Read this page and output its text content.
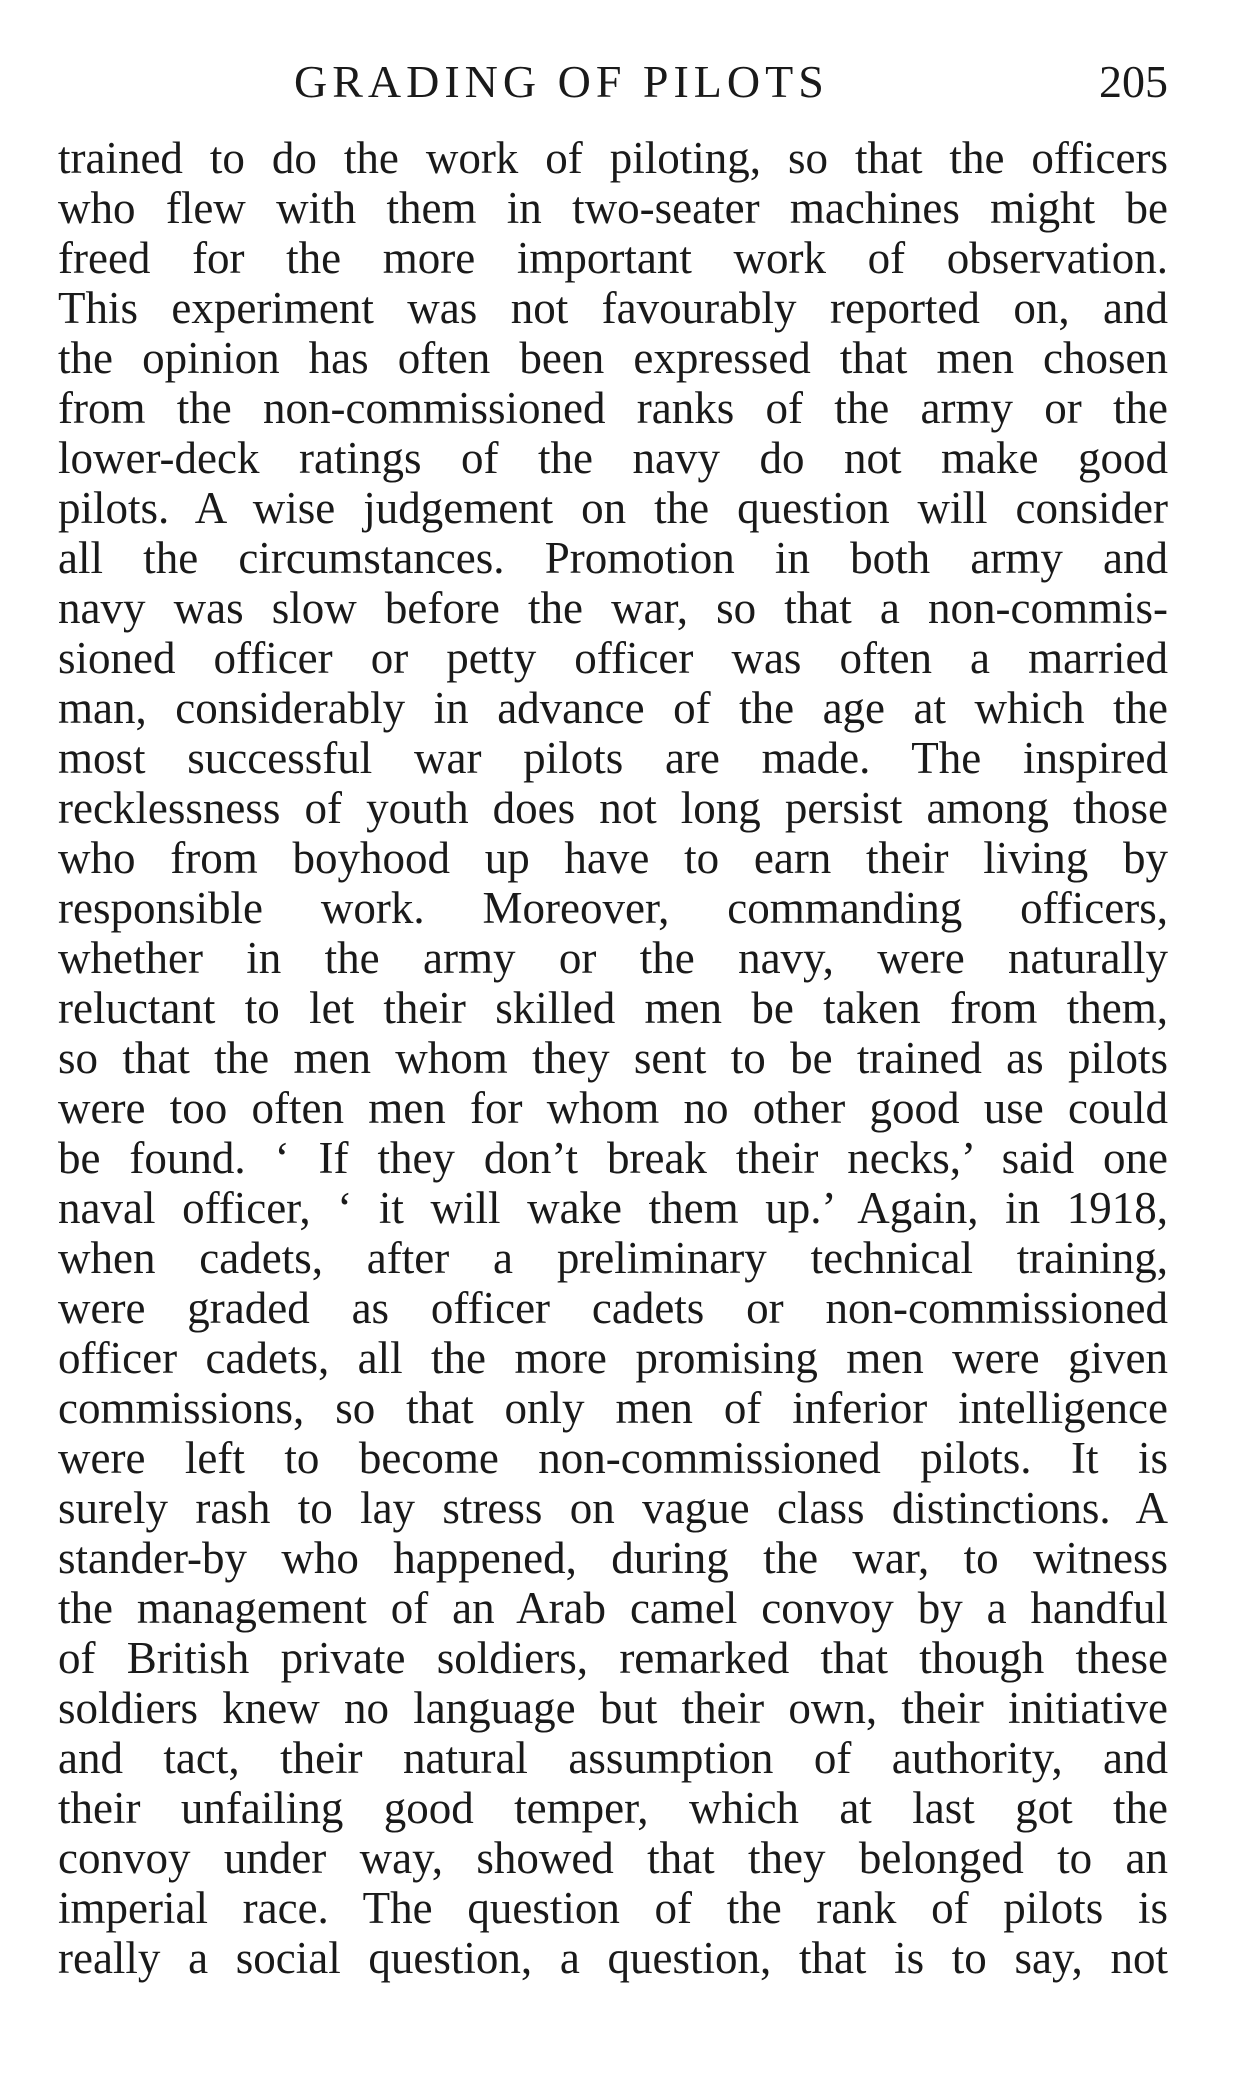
GRADING OF PILOTS	205
trained to do the work of piloting, so that the officers
who flew with them in two-seater machines might be
freed for the more important work of observation.
This experiment was not favourably reported on, and
the opinion has often been expressed that men chosen
from the non-commissioned ranks of the army or the
lower-deck ratings of the navy do not make good
pilots. A wise judgement on the question will consider
all the circumstances. Promotion in both army and
navy was slow before the war, so that a non-commis-
sioned officer or petty officer was often a married
man, considerably in advance of the age at which the
most successful war pilots are made. The inspired
recklessness of youth does not long persist among those
who from boyhood up have to earn their living by
responsible work. Moreover, commanding officers,
whether in the army or the navy, were naturally
reluctant to let their skilled men be taken from them,
so that the men whom they sent to be trained as pilots
were too often men for whom no other good use could
be found. ‘ If they don’t break their necks,’ said one
naval officer, ‘ it will wake them up.’ Again, in 1918,
when cadets, after a preliminary technical training,
were graded as officer cadets or non-commissioned
officer cadets, all the more promising men were given
commissions, so that only men of inferior intelligence
were left to become non-commissioned pilots. It is
surely rash to lay stress on vague class distinctions. A
stander-by who happened, during the war, to witness
the management of an Arab camel convoy by a handful
of British private soldiers, remarked that though these
soldiers knew no language but their own, their initiative
and tact, their natural assumption of authority, and
their unfailing good temper, which at last got the
convoy under way, showed that they belonged to an
imperial race. The question of the rank of pilots is
really a social question, a question, that is to say, not
